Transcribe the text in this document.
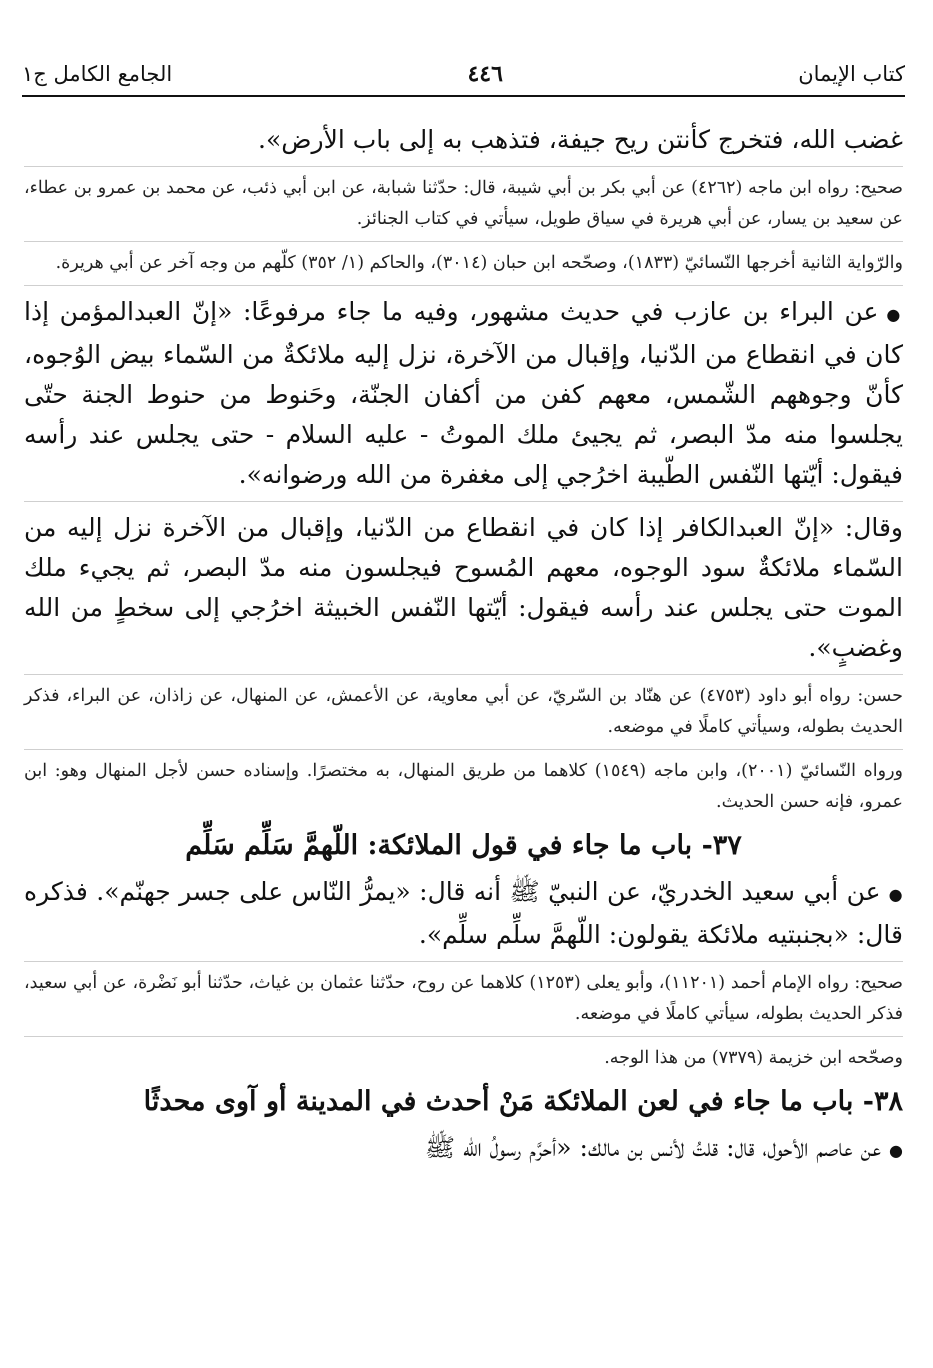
كتاب الإيمان
٤٤٦
الجامع الكامل ج١

غضب الله، فتخرج كأنتن ريح جيفة، فتذهب به إلى باب الأرض».

صحيح: رواه ابن ماجه (٤٢٦٢) عن أبي بكر بن أبي شيبة، قال: حدّثنا شبابة، عن ابن أبي ذئب، عن محمد بن عمرو بن عطاء، عن سعيد بن يسار، عن أبي هريرة في سياق طويل، سيأتي في كتاب الجنائز.

والرّواية الثانية أخرجها النّسائيّ (١٨٣٣)، وصحّحه ابن حبان (٣٠١٤)، والحاكم (١/ ٣٥٢) كلّهم من وجه آخر عن أبي هريرة.

●عن البراء بن عازب في حديث مشهور، وفيه ما جاء مرفوعًا: «إنّ العبدالمؤمن إذا كان في انقطاع من الدّنيا، وإقبال من الآخرة، نزل إليه ملائكةٌ من السّماء بيض الوُجوه، كأنّ وجوههم الشّمس، معهم كفن من أكفان الجنّة، وحَنوط من حنوط الجنة حتّى يجلسوا منه مدّ البصر، ثم يجيئ ملك الموتُ - عليه السلام - حتى يجلس عند رأسه فيقول: أيّتها النّفس الطّيبة اخرُجي إلى مغفرة من الله ورضوانه».

وقال: «إنّ العبدالكافر إذا كان في انقطاع من الدّنيا، وإقبال من الآخرة نزل إليه من السّماء ملائكةٌ سود الوجوه، معهم المُسوح فيجلسون منه مدّ البصر، ثم يجيء ملك الموت حتى يجلس عند رأسه فيقول: أيّتها النّفس الخبيثة اخرُجي إلى سخطٍ من الله وغضبٍ».

حسن: رواه أبو داود (٤٧٥٣) عن هنّاد بن السّريّ، عن أبي معاوية، عن الأعمش، عن المنهال، عن زاذان، عن البراء، فذكر الحديث بطوله، وسيأتي كاملًا في موضعه.

ورواه النّسائيّ (٢٠٠١)، وابن ماجه (١٥٤٩) كلاهما من طريق المنهال، به مختصرًا. وإسناده حسن لأجل المنهال وهو: ابن عمرو، فإنه حسن الحديث.

٣٧- باب ما جاء في قول الملائكة: اللّهمَّ سَلِّم سَلِّم

●عن أبي سعيد الخدريّ، عن النبيّ ﷺ أنه قال: «يمرُّ النّاس على جسر جهنّم». فذكره قال: «بجنبتيه ملائكة يقولون: اللّهمَّ سلِّم سلِّم».

صحيح: رواه الإمام أحمد (١١٢٠١)، وأبو يعلى (١٢٥٣) كلاهما عن روح، حدّثنا عثمان بن غياث، حدّثنا أبو نَضْرة، عن أبي سعيد، فذكر الحديث بطوله، سيأتي كاملًا في موضعه.

وصحّحه ابن خزيمة (٧٣٧٩) من هذا الوجه.

٣٨- باب ما جاء في لعن الملائكة مَنْ أحدث في المدينة أو آوى محدثًا

●عن عاصم الأحول، قال: قلتُ لأنس بن مالك: «أحرَّم رسولُ الله ﷺ
